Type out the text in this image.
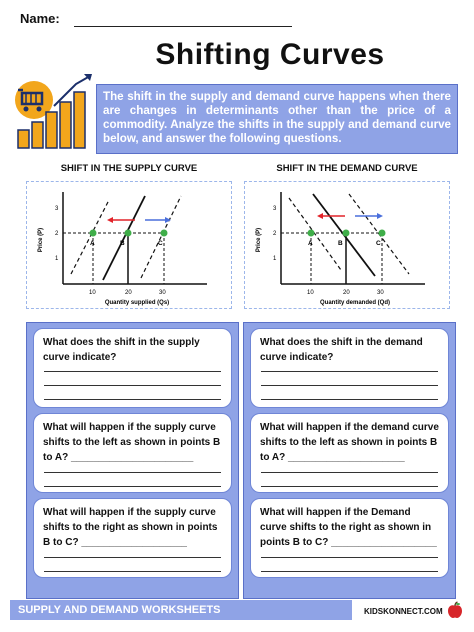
Name:
Shifting Curves
The shift in the supply and demand curve happens when there are changes in determinants other than the price of a commodity. Analyze the shifts in the supply and demand curve below, and answer the following questions.
SHIFT IN THE SUPPLY CURVE
Price (P)
3
2
1
10	20	30
Quantity supplied (Qs)
A	B	C
SHIFT IN THE DEMAND CURVE
Price (P)
3
2
1
10	20	30
Quantity demanded (Qd)
A	B	C
What does the shift in the supply curve indicate?
What will happen if the supply curve shifts to the left as shown in points B to A? ______________________
What will happen if the supply curve shifts to the right as shown in points B to C? ___________________
What does the shift in the demand curve indicate?
What will happen if the demand curve shifts to the left as shown in points B to A? _____________________
What will happen if the Demand curve shifts to the right as shown in points B to C? ___________________
SUPPLY AND DEMAND WORKSHEETS	KIDSKONNECT.COM
